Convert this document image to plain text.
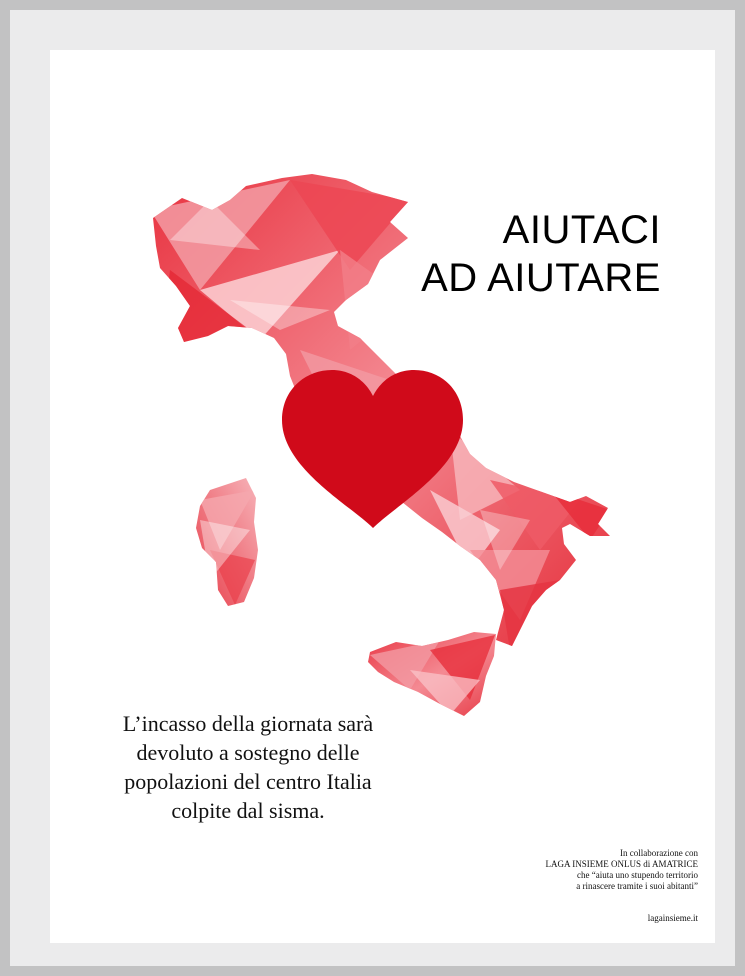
AIUTACI
AD AIUTARE
L’incasso della giornata sarà
devoluto a sostegno delle
popolazioni del centro Italia
colpite dal sisma.
In collaborazione con
LAGA INSIEME ONLUS di AMATRICE
che “aiuta uno stupendo territorio
a rinascere tramite i suoi abitanti”
lagainsieme.it
